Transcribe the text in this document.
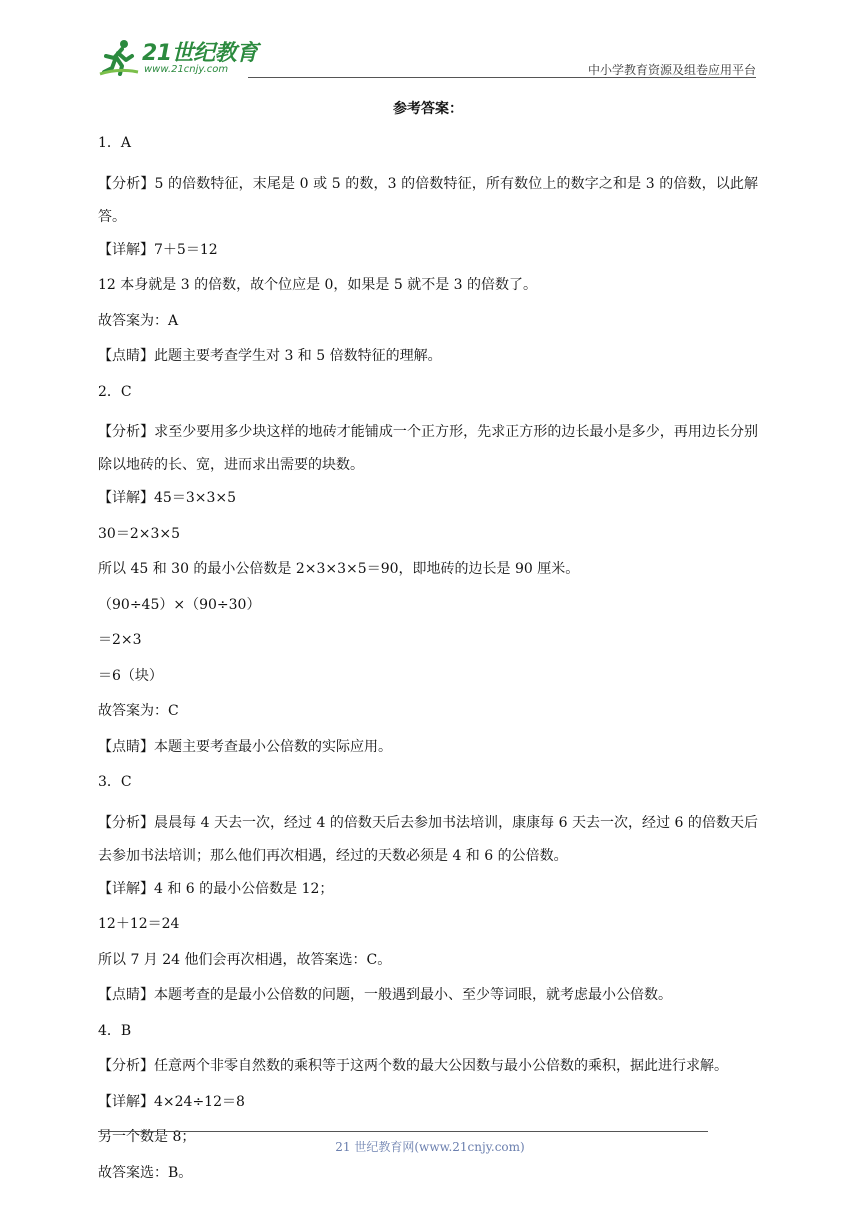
21世纪教育
www.21cnjy.com	中小学教育资源及组卷应用平台
参考答案：

1．A

【分析】5 的倍数特征，末尾是 0 或 5 的数，3 的倍数特征，所有数位上的数字之和是 3 的倍数，以此解答。

【详解】7＋5＝12

12 本身就是 3 的倍数，故个位应是 0，如果是 5 就不是 3 的倍数了。

故答案为：A

【点睛】此题主要考查学生对 3 和 5 倍数特征的理解。

2．C

【分析】求至少要用多少块这样的地砖才能铺成一个正方形，先求正方形的边长最小是多少，再用边长分别除以地砖的长、宽，进而求出需要的块数。

【详解】45＝3×3×5

30＝2×3×5

所以 45 和 30 的最小公倍数是 2×3×3×5＝90，即地砖的边长是 90 厘米。

（90÷45）×（90÷30）

＝2×3

＝6（块）

故答案为：C

【点睛】本题主要考查最小公倍数的实际应用。

3．C

【分析】晨晨每 4 天去一次，经过 4 的倍数天后去参加书法培训，康康每 6 天去一次，经过 6 的倍数天后去参加书法培训；那么他们再次相遇，经过的天数必须是 4 和 6 的公倍数。

【详解】4 和 6 的最小公倍数是 12；

12＋12＝24

所以 7 月 24 他们会再次相遇，故答案选：C。

【点睛】本题考查的是最小公倍数的问题，一般遇到最小、至少等词眼，就考虑最小公倍数。

4．B

【分析】任意两个非零自然数的乘积等于这两个数的最大公因数与最小公倍数的乘积，据此进行求解。

【详解】4×24÷12＝8

另一个数是 8；

故答案选：B。

21 世纪教育网(www.21cnjy.com)
